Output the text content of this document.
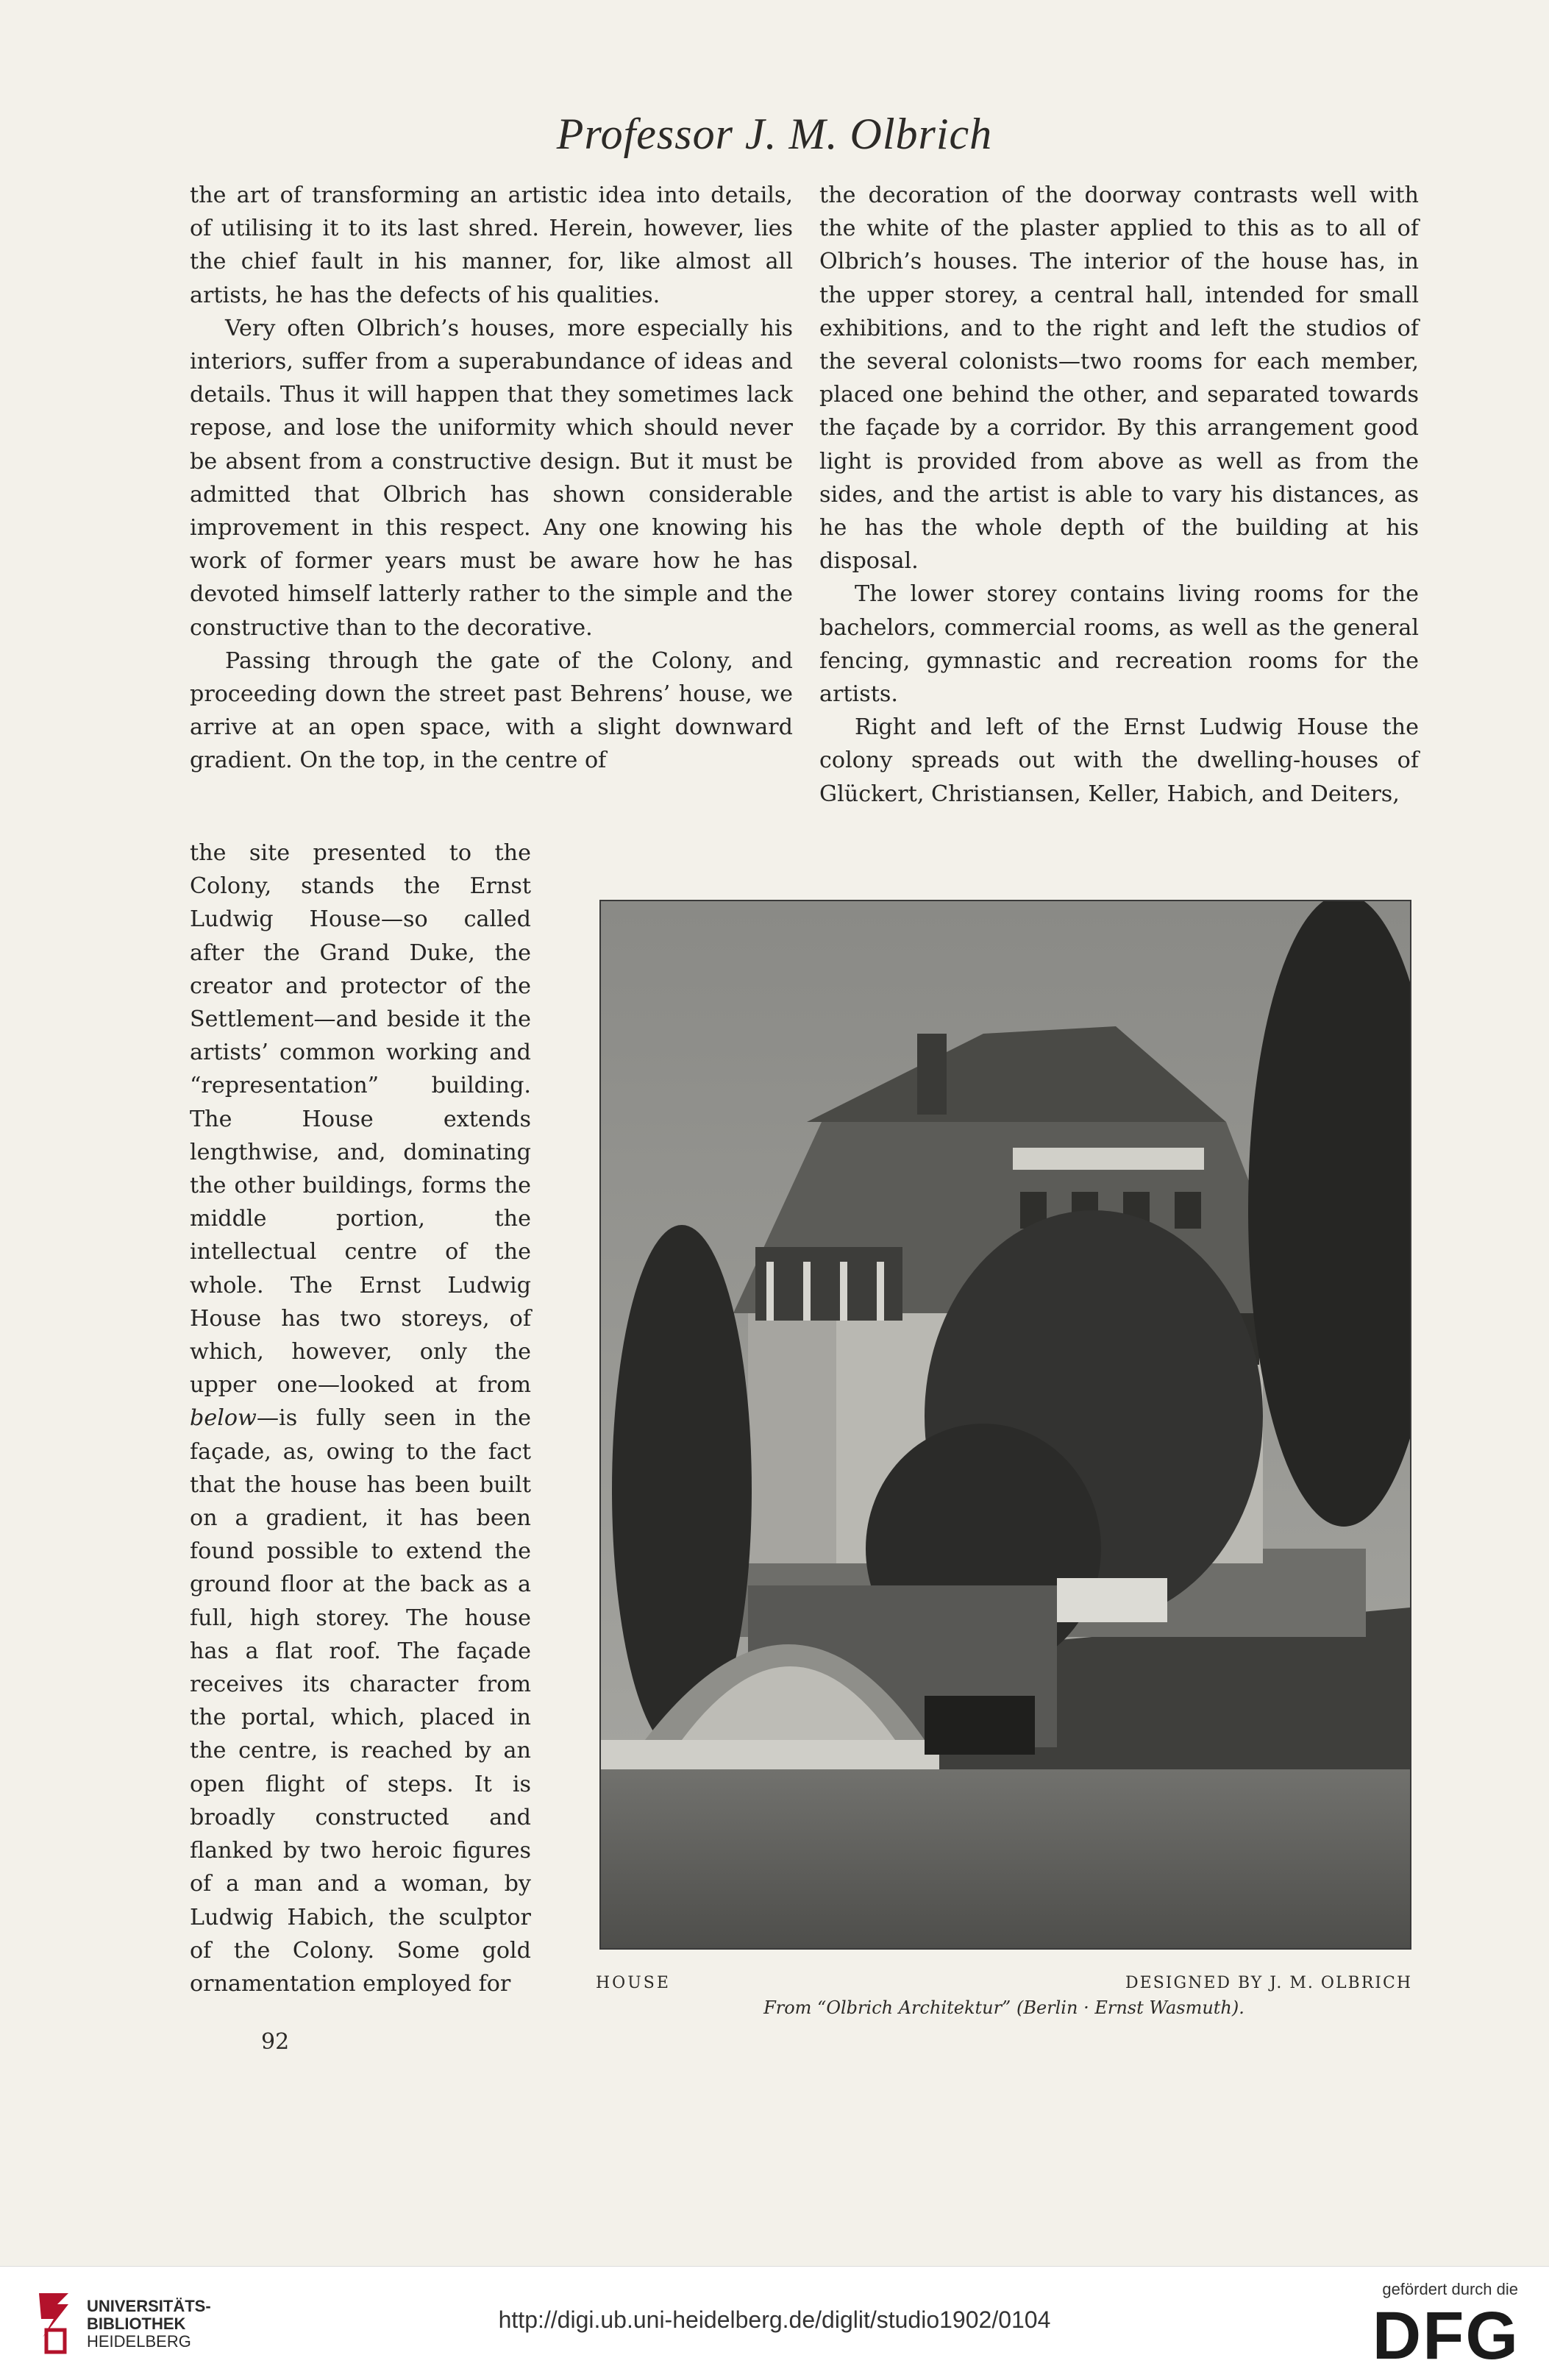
Professor J. M. Olbrich

the art of transforming an artistic idea into details, of utilising it to its last shred. Herein, however, lies the chief fault in his manner, for, like almost all artists, he has the defects of his qualities.

Very often Olbrich’s houses, more especially his interiors, suffer from a superabundance of ideas and details. Thus it will happen that they sometimes lack repose, and lose the uniformity which should never be absent from a constructive design. But it must be admitted that Olbrich has shown considerable improvement in this respect. Any one knowing his work of former years must be aware how he has devoted himself latterly rather to the simple and the constructive than to the decorative.

Passing through the gate of the Colony, and proceeding down the street past Behrens’ house, we arrive at an open space, with a slight downward gradient. On the top, in the centre of

the site presented to the Colony, stands the Ernst Ludwig House—so called after the Grand Duke, the creator and protector of the Settlement—and beside it the artists’ common working and “representation” building. The House extends lengthwise, and, dominating the other buildings, forms the middle portion, the intellectual centre of the whole. The Ernst Ludwig House has two storeys, of which, however, only the upper one—looked at from below—is fully seen in the façade, as, owing to the fact that the house has been built on a gradient, it has been found possible to extend the ground floor at the back as a full, high storey. The house has a flat roof. The façade receives its character from the portal, which, placed in the centre, is reached by an open flight of steps. It is broadly constructed and flanked by two heroic figures of a man and a woman, by Ludwig Habich, the sculptor of the Colony. Some gold ornamentation employed for

the decoration of the doorway contrasts well with the white of the plaster applied to this as to all of Olbrich’s houses. The interior of the house has, in the upper storey, a central hall, intended for small exhibitions, and to the right and left the studios of the several colonists—two rooms for each member, placed one behind the other, and separated towards the façade by a corridor. By this arrangement good light is provided from above as well as from the sides, and the artist is able to vary his distances, as he has the whole depth of the building at his disposal.

The lower storey contains living rooms for the bachelors, commercial rooms, as well as the general fencing, gymnastic and recreation rooms for the artists.

Right and left of the Ernst Ludwig House the colony spreads out with the dwelling-houses of Glückert, Christiansen, Keller, Habich, and Deiters,

HOUSE	DESIGNED BY J. M. OLBRICH
From “Olbrich Architektur” (Berlin · Ernst Wasmuth).
92
UNIVERSITÄTS-
BIBLIOTHEK
HEIDELBERG
http://digi.ub.uni-heidelberg.de/diglit/studio1902/0104
gefördert durch die
DFG
